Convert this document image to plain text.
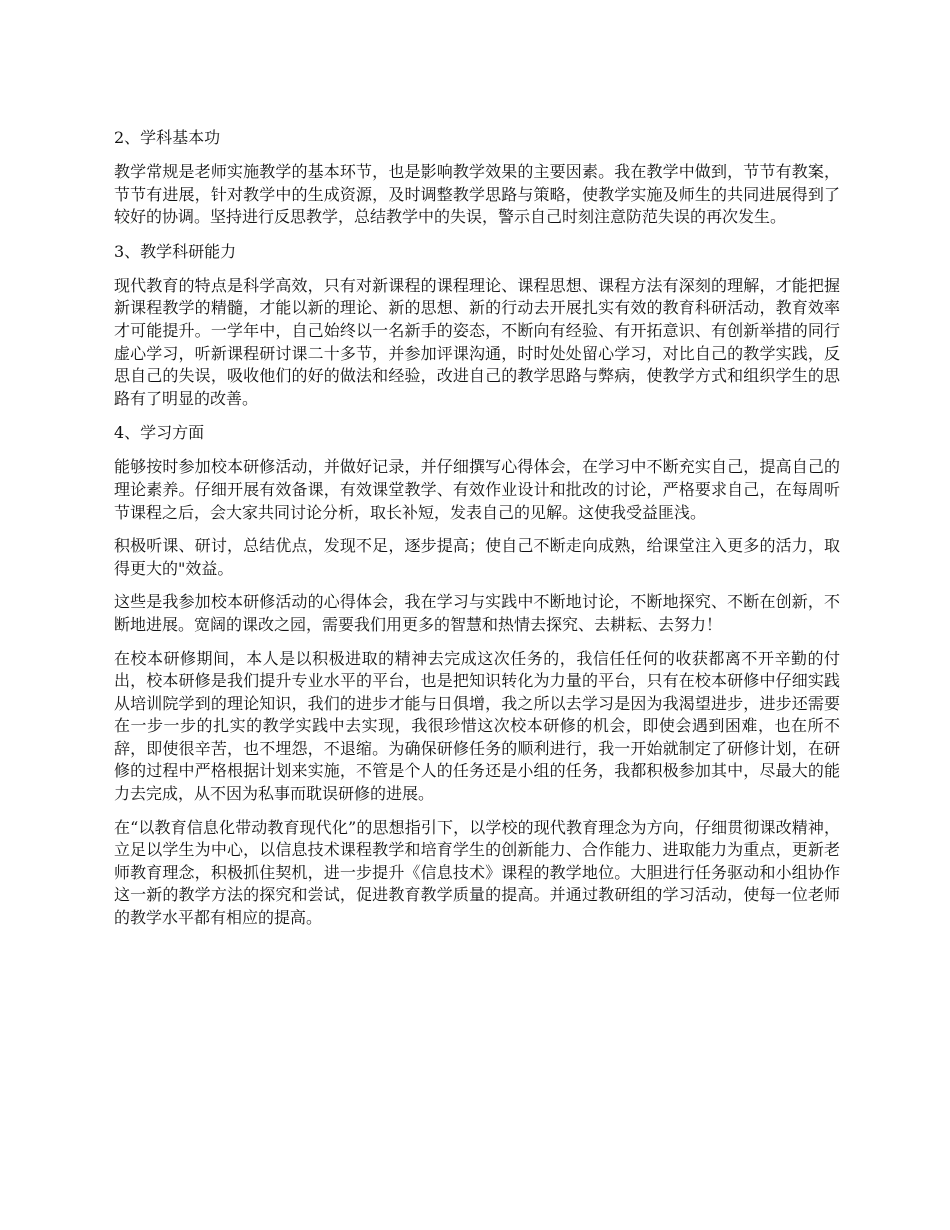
2、学科基本功
教学常规是老师实施教学的基本环节，也是影响教学效果的主要因素。我在教学中做到，节节有教案，节节有进展，针对教学中的生成资源，及时调整教学思路与策略，使教学实施及师生的共同进展得到了较好的协调。坚持进行反思教学，总结教学中的失误，警示自己时刻注意防范失误的再次发生。
3、教学科研能力
现代教育的特点是科学高效，只有对新课程的课程理论、课程思想、课程方法有深刻的理解，才能把握新课程教学的精髓，才能以新的理论、新的思想、新的行动去开展扎实有效的教育科研活动，教育效率才可能提升。一学年中，自己始终以一名新手的姿态，不断向有经验、有开拓意识、有创新举措的同行虚心学习，听新课程研讨课二十多节，并参加评课沟通，时时处处留心学习，对比自己的教学实践，反思自己的失误，吸收他们的好的做法和经验，改进自己的教学思路与弊病，使教学方式和组织学生的思路有了明显的改善。
4、学习方面
能够按时参加校本研修活动，并做好记录，并仔细撰写心得体会，在学习中不断充实自己，提高自己的理论素养。仔细开展有效备课，有效课堂教学、有效作业设计和批改的讨论，严格要求自己，在每周听节课程之后，会大家共同讨论分析，取长补短，发表自己的见解。这使我受益匪浅。
积极听课、研讨，总结优点，发现不足，逐步提高；使自己不断走向成熟，给课堂注入更多的活力，取得更大的"效益。
这些是我参加校本研修活动的心得体会，我在学习与实践中不断地讨论，不断地探究、不断在创新，不断地进展。宽阔的课改之园，需要我们用更多的智慧和热情去探究、去耕耘、去努力！
在校本研修期间，本人是以积极进取的精神去完成这次任务的，我信任任何的收获都离不开辛勤的付出，校本研修是我们提升专业水平的平台，也是把知识转化为力量的平台，只有在校本研修中仔细实践从培训院学到的理论知识，我们的进步才能与日俱增，我之所以去学习是因为我渴望进步，进步还需要在一步一步的扎实的教学实践中去实现，我很珍惜这次校本研修的机会，即使会遇到困难，也在所不辞，即使很辛苦，也不埋怨，不退缩。为确保研修任务的顺利进行，我一开始就制定了研修计划，在研修的过程中严格根据计划来实施，不管是个人的任务还是小组的任务，我都积极参加其中，尽最大的能力去完成，从不因为私事而耽误研修的进展。
在“以教育信息化带动教育现代化”的思想指引下，以学校的现代教育理念为方向，仔细贯彻课改精神，立足以学生为中心，以信息技术课程教学和培育学生的创新能力、合作能力、进取能力为重点，更新老师教育理念，积极抓住契机，进一步提升《信息技术》课程的教学地位。大胆进行任务驱动和小组协作这一新的教学方法的探究和尝试，促进教育教学质量的提高。并通过教研组的学习活动，使每一位老师的教学水平都有相应的提高。
